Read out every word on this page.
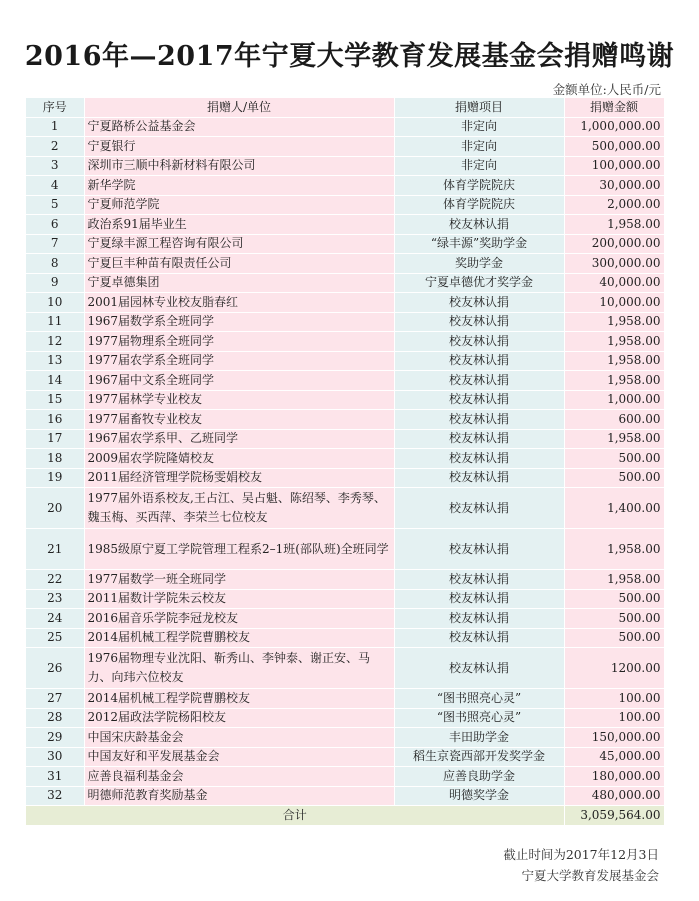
2016年—2017年宁夏大学教育发展基金会捐赠鸣谢
金额单位:人民币/元
序号	捐赠人/单位	捐赠项目	捐赠金额
1	宁夏路桥公益基金会	非定向	1,000,000.00
2	宁夏银行	非定向	500,000.00
3	深圳市三顺中科新材料有限公司	非定向	100,000.00
4	新华学院	体育学院院庆	30,000.00
5	宁夏师范学院	体育学院院庆	2,000.00
6	政治系91届毕业生	校友林认捐	1,958.00
7	宁夏绿丰源工程咨询有限公司	“绿丰源”奖助学金	200,000.00
8	宁夏巨丰种苗有限责任公司	奖助学金	300,000.00
9	宁夏卓德集团	宁夏卓德优才奖学金	40,000.00
10	2001届园林专业校友脂春红	校友林认捐	10,000.00
11	1967届数学系全班同学	校友林认捐	1,958.00
12	1977届物理系全班同学	校友林认捐	1,958.00
13	1977届农学系全班同学	校友林认捐	1,958.00
14	1967届中文系全班同学	校友林认捐	1,958.00
15	1977届林学专业校友	校友林认捐	1,000.00
16	1977届畜牧专业校友	校友林认捐	600.00
17	1967届农学系甲、乙班同学	校友林认捐	1,958.00
18	2009届农学院隆婧校友	校友林认捐	500.00
19	2011届经济管理学院杨雯娟校友	校友林认捐	500.00
20	1977届外语系校友,王占江、吴占魁、陈绍琴、李秀琴、魏玉梅、买西萍、李荣兰七位校友	校友林认捐	1,400.00
21	1985级原宁夏工学院管理工程系2–1班(部队班)全班同学	校友林认捐	1,958.00
22	1977届数学一班全班同学	校友林认捐	1,958.00
23	2011届数计学院朱云校友	校友林认捐	500.00
24	2016届音乐学院李冠龙校友	校友林认捐	500.00
25	2014届机械工程学院曹鹏校友	校友林认捐	500.00
26	1976届物理专业沈阳、靳秀山、李钟泰、谢正安、马力、向玮六位校友	校友林认捐	1200.00
27	2014届机械工程学院曹鹏校友	“图书照亮心灵”	100.00
28	2012届政法学院杨阳校友	“图书照亮心灵”	100.00
29	中国宋庆龄基金会	丰田助学金	150,000.00
30	中国友好和平发展基金会	稻生京瓷西部开发奖学金	45,000.00
31	应善良福利基金会	应善良助学金	180,000.00
32	明德师范教育奖励基金	明德奖学金	480,000.00
合计			3,059,564.00
截止时间为2017年12月3日
宁夏大学教育发展基金会
